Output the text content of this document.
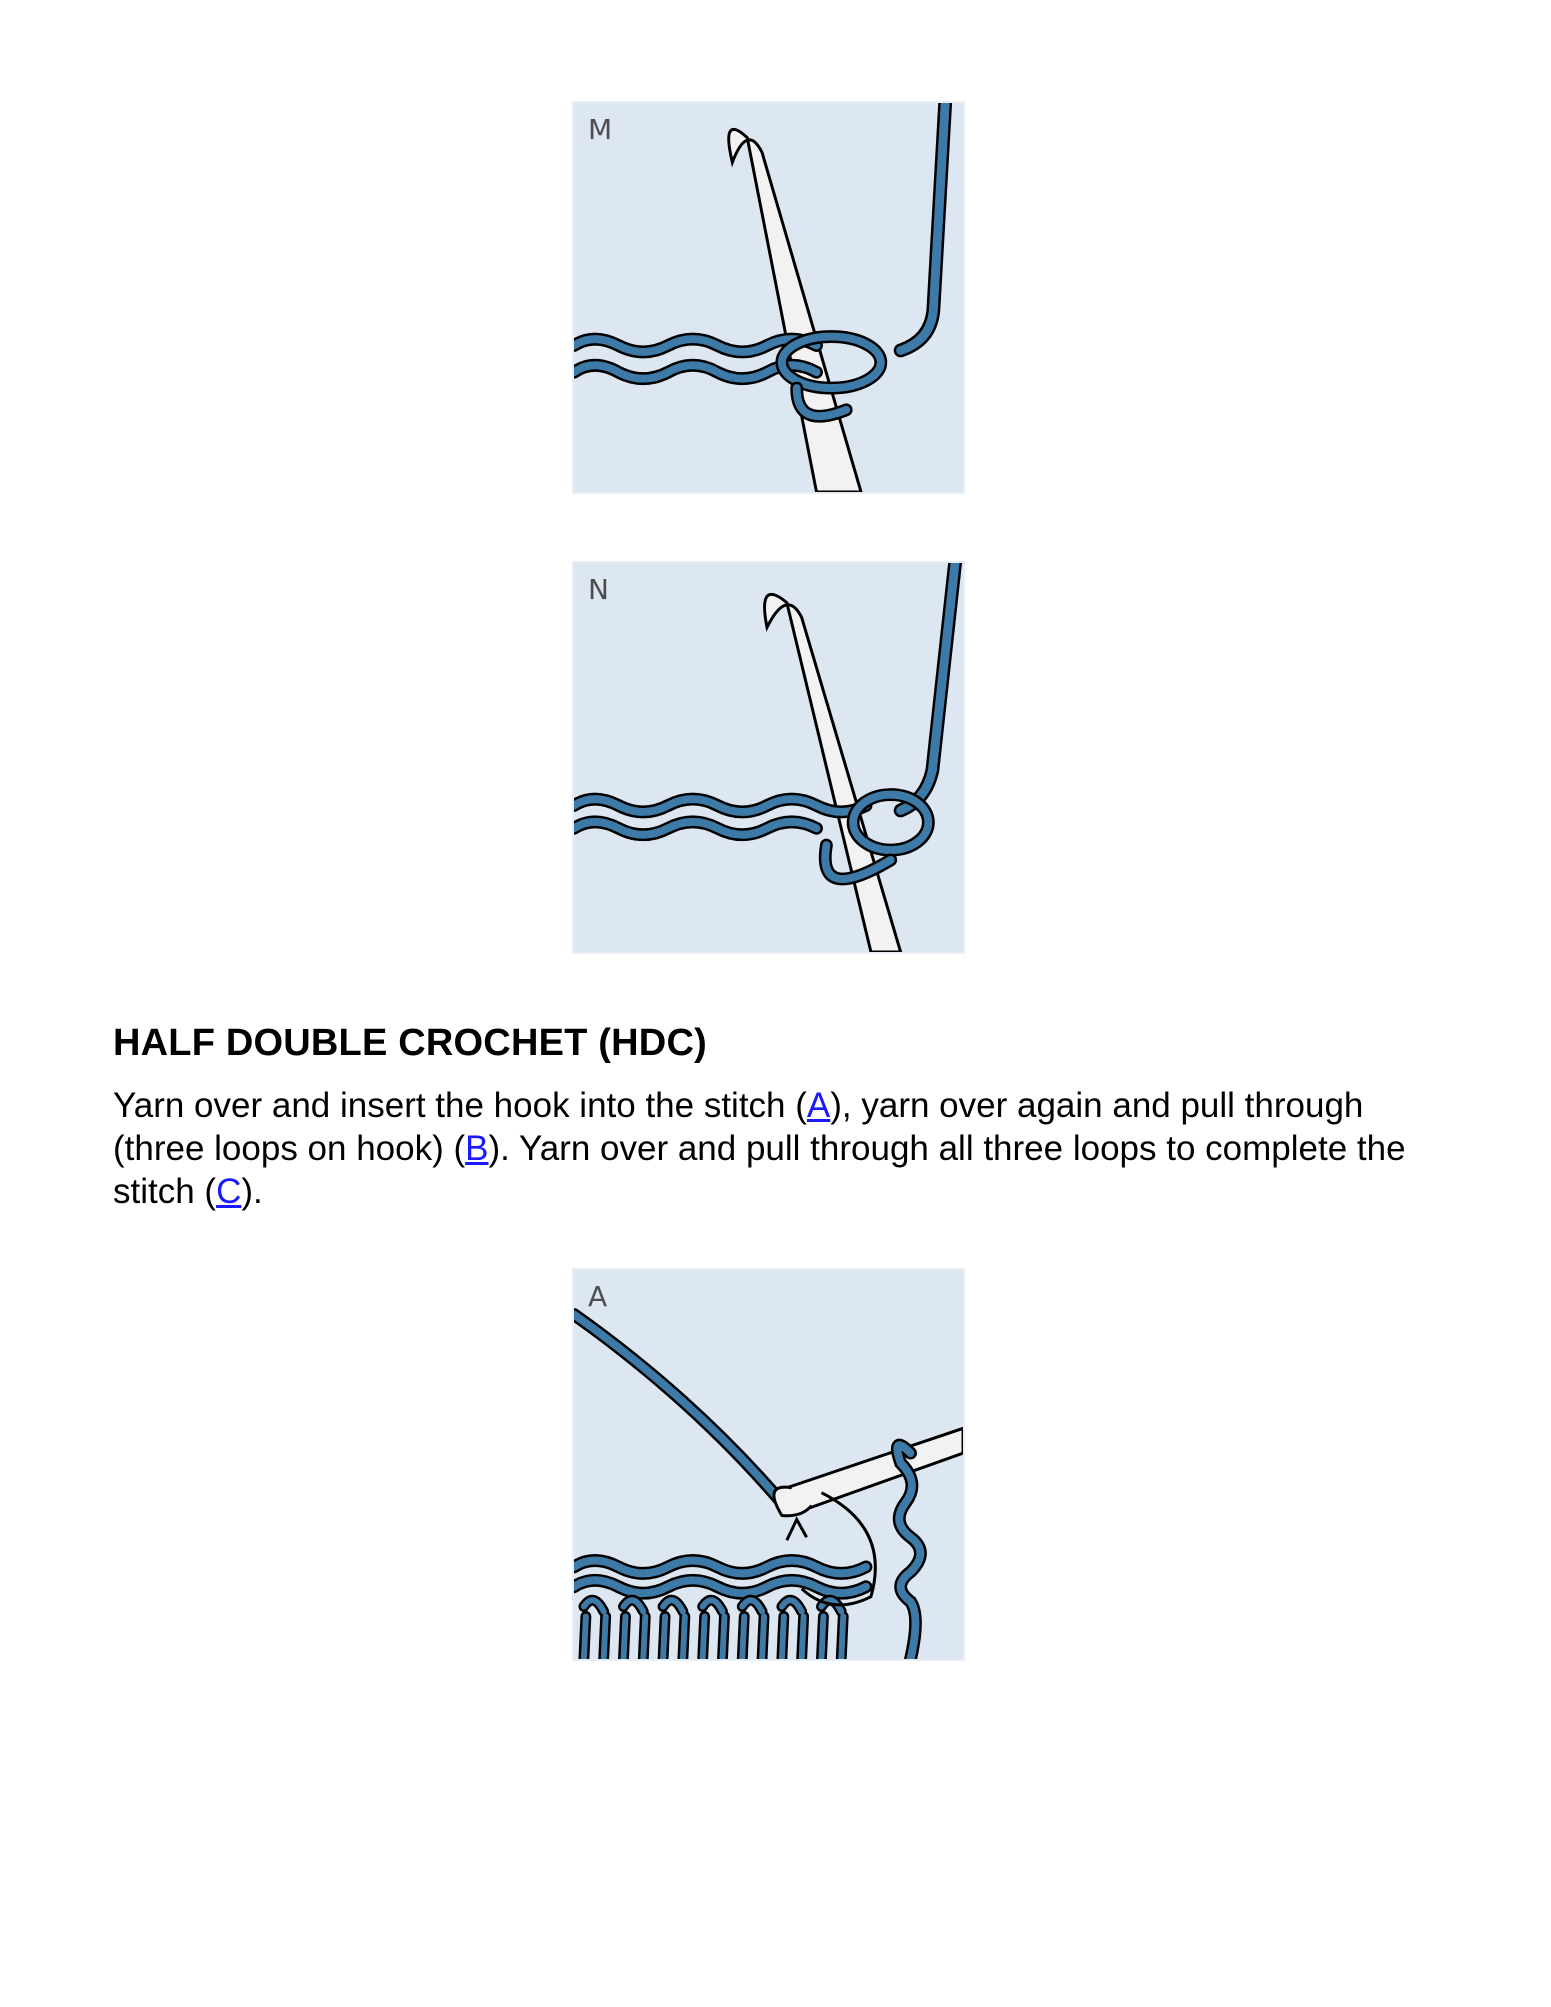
M
N
HALF DOUBLE CROCHET (HDC)

Yarn over and insert the hook into the stitch (A), yarn over again and pull through (three loops on hook) (B). Yarn over and pull through all three loops to complete the stitch (C).

A
